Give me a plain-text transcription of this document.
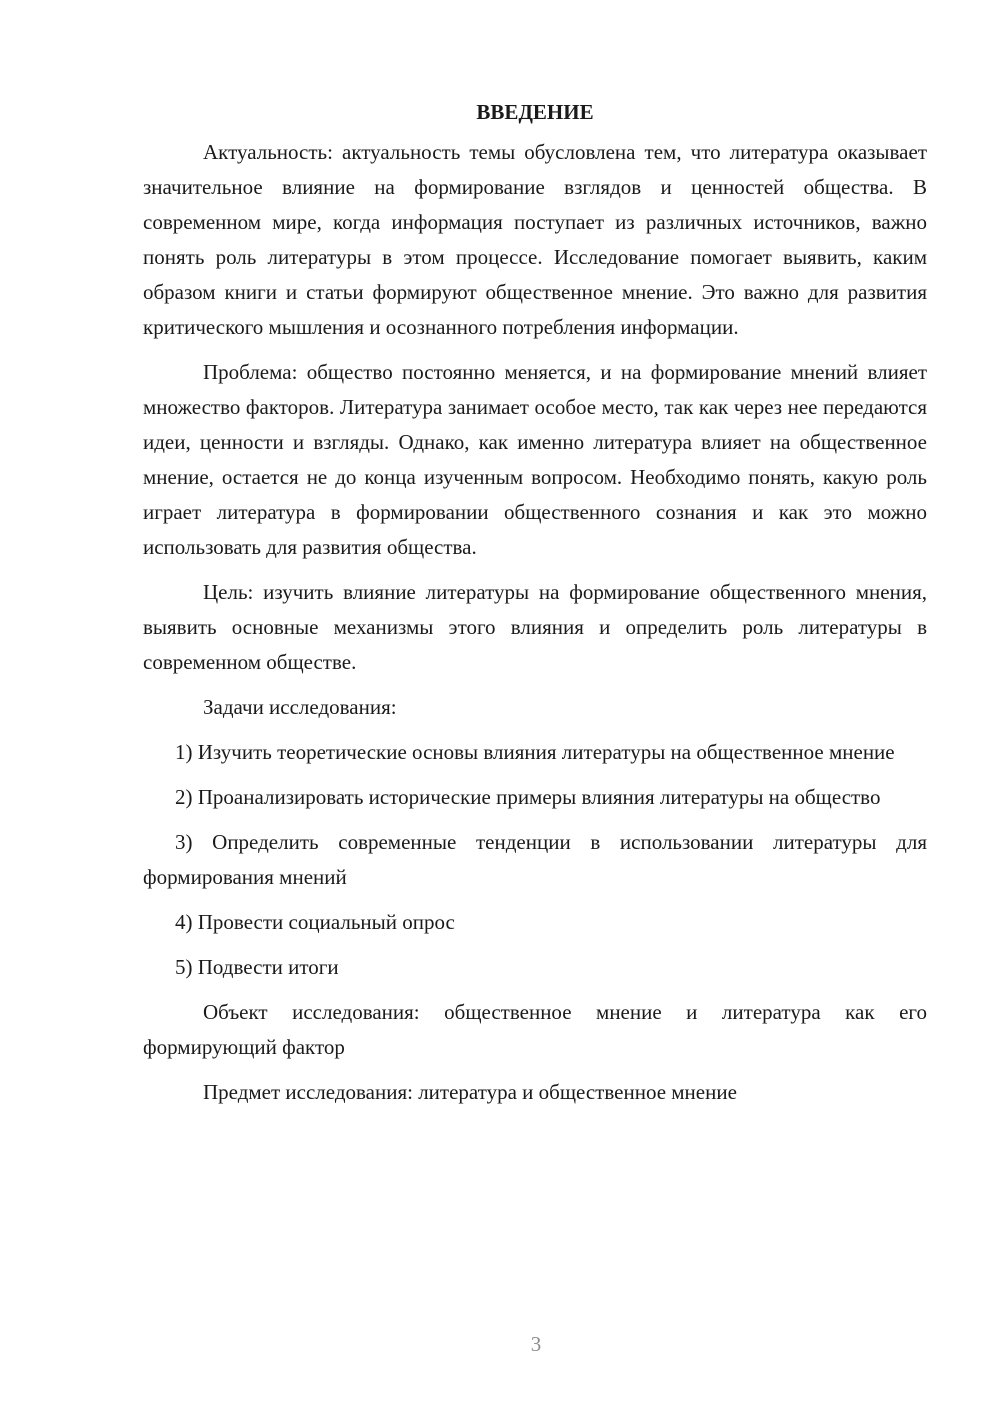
ВВЕДЕНИЕ

Актуальность: актуальность темы обусловлена тем, что литература оказывает значительное влияние на формирование взглядов и ценностей общества. В современном мире, когда информация поступает из различных источников, важно понять роль литературы в этом процессе. Исследование помогает выявить, каким образом книги и статьи формируют общественное мнение. Это важно для развития критического мышления и осознанного потребления информации.

Проблема: общество постоянно меняется, и на формирование мнений влияет множество факторов. Литература занимает особое место, так как через нее передаются идеи, ценности и взгляды. Однако, как именно литература влияет на общественное мнение, остается не до конца изученным вопросом. Необходимо понять, какую роль играет литература в формировании общественного сознания и как это можно использовать для развития общества.

Цель: изучить влияние литературы на формирование общественного мнения, выявить основные механизмы этого влияния и определить роль литературы в современном обществе.

Задачи исследования:

1) Изучить теоретические основы влияния литературы на общественное мнение

2) Проанализировать исторические примеры влияния литературы на общество

3) Определить современные тенденции в использовании литературы для формирования мнений

4) Провести социальный опрос

5) Подвести итоги

Объект исследования: общественное мнение и литература как его формирующий фактор

Предмет исследования: литература и общественное мнение

3
